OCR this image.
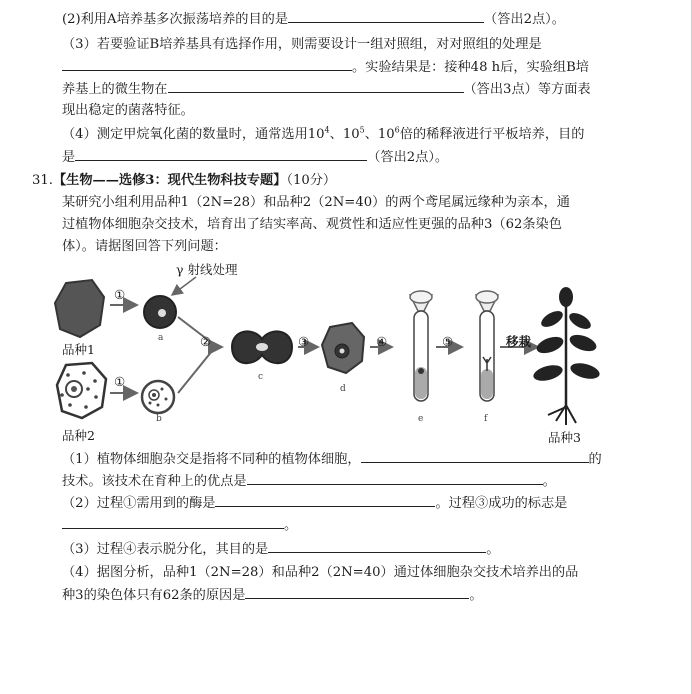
(2)利用A培养基多次振荡培养的目的是	（答出2点）。
（3）若要验证B培养基具有选择作用，则需要设计一组对照组，对对照组的处理是
。实验结果是：接种48 h后，实验组B培
养基上的微生物在	（答出3点）等方面表
现出稳定的菌落特征。
（4）测定甲烷氧化菌的数量时，通常选用$10^4$、$10^5$、$10^6$倍的稀释液进行平板培养，目的
是	（答出2点）。
31.【生物——选修3：现代生物科技专题】（10分）
某研究小组利用品种1（2N=28）和品种2（2N=40）的两个鸢尾属远缘种为亲本，通
过植物体细胞杂交技术，培育出了结实率高、观赏性和适应性更强的品种3（62条染色
体）。请据图回答下列问题：
γ 射线处理
①
①
②	③	④	⑤	移栽
品种1
品种2	品种3
a
b
c
d
e	f
（1）植物体细胞杂交是指将不同种的植物体细胞，	的
技术。该技术在育种上的优点是	。
（2）过程①需用到的酶是	。过程③成功的标志是
。
（3）过程④表示脱分化，其目的是	。
（4）据图分析，品种1（2N=28）和品种2（2N=40）通过体细胞杂交技术培养出的品
种3的染色体只有62条的原因是	。
